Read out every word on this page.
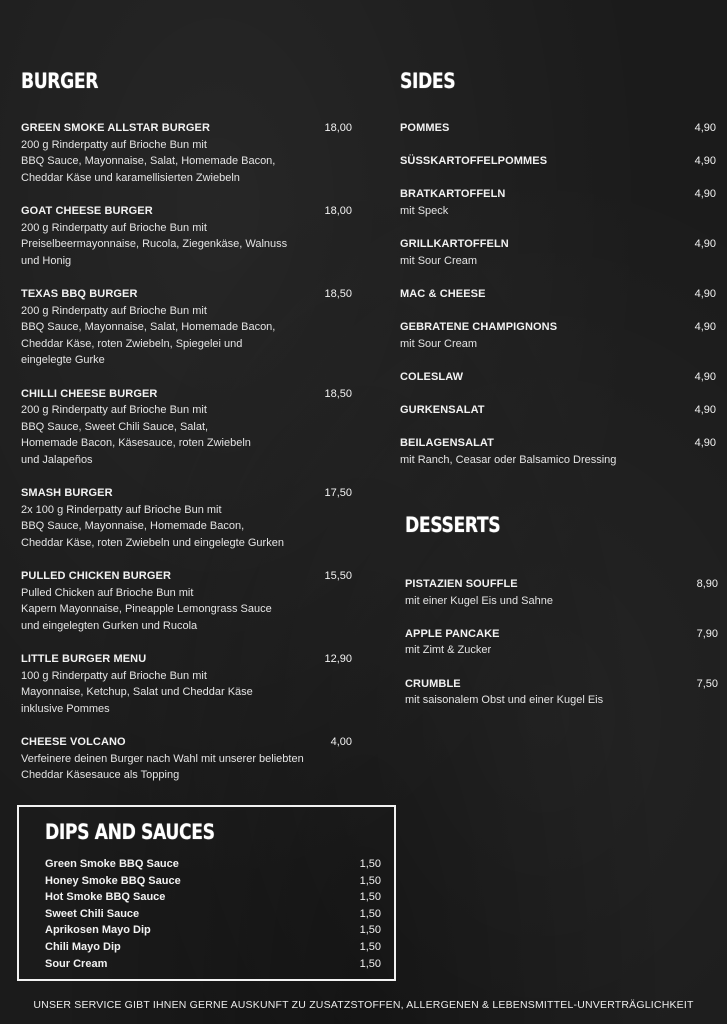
BURGER
GREEN SMOKE ALLSTAR BURGER	18,00
200 g Rinderpatty auf Brioche Bun mit
BBQ Sauce, Mayonnaise, Salat, Homemade Bacon,
Cheddar Käse und karamellisierten Zwiebeln
GOAT CHEESE BURGER	18,00
200 g Rinderpatty auf Brioche Bun mit
Preiselbeermayonnaise, Rucola, Ziegenkäse, Walnuss
und Honig
TEXAS BBQ BURGER	18,50
200 g Rinderpatty auf Brioche Bun mit
BBQ Sauce, Mayonnaise, Salat, Homemade Bacon,
Cheddar Käse, roten Zwiebeln, Spiegelei und
eingelegte Gurke
CHILLI CHEESE BURGER	18,50
200 g Rinderpatty auf Brioche Bun mit
BBQ Sauce, Sweet Chili Sauce, Salat,
Homemade Bacon, Käsesauce, roten Zwiebeln
und Jalapeños
SMASH BURGER	17,50
2x 100 g Rinderpatty auf Brioche Bun mit
BBQ Sauce, Mayonnaise, Homemade Bacon,
Cheddar Käse, roten Zwiebeln und eingelegte Gurken
PULLED CHICKEN BURGER	15,50
Pulled Chicken auf Brioche Bun mit
Kapern Mayonnaise, Pineapple Lemongrass Sauce
und eingelegten Gurken und Rucola
LITTLE BURGER MENU	12,90
100 g Rinderpatty auf Brioche Bun mit
Mayonnaise, Ketchup, Salat und Cheddar Käse
inklusive Pommes
CHEESE VOLCANO	4,00
Verfeinere deinen Burger nach Wahl mit unserer beliebten
Cheddar Käsesauce als Topping
SIDES
POMMES	4,90
SÜSSKARTOFFELPOMMES	4,90
BRATKARTOFFELN	4,90
mit Speck
GRILLKARTOFFELN	4,90
mit Sour Cream
MAC & CHEESE	4,90
GEBRATENE CHAMPIGNONS	4,90
mit Sour Cream
COLESLAW	4,90
GURKENSALAT	4,90
BEILAGENSALAT	4,90
mit Ranch, Ceasar oder Balsamico Dressing
DESSERTS
PISTAZIEN SOUFFLE	8,90
mit einer Kugel Eis und Sahne
APPLE PANCAKE	7,90
mit Zimt & Zucker
CRUMBLE	7,50
mit saisonalem Obst und einer Kugel Eis
DIPS AND SAUCES
Green Smoke BBQ Sauce	1,50
Honey Smoke BBQ Sauce	1,50
Hot Smoke BBQ Sauce	1,50
Sweet Chili Sauce	1,50
Aprikosen Mayo Dip	1,50
Chili Mayo Dip	1,50
Sour Cream	1,50
UNSER SERVICE GIBT IHNEN GERNE AUSKUNFT ZU ZUSATZSTOFFEN, ALLERGENEN & LEBENSMITTEL-UNVERTRÄGLICHKEIT
